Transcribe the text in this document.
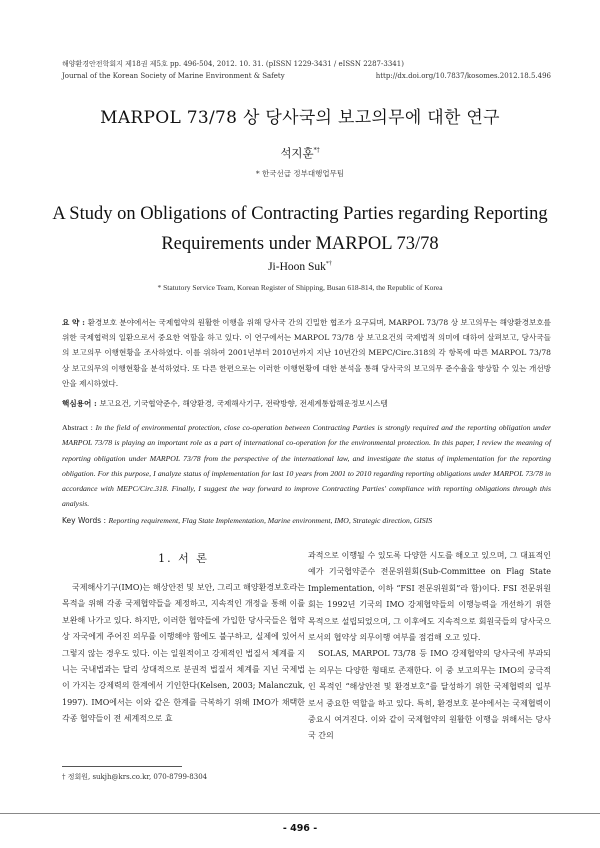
해양환경안전학회지 제18권 제5호 pp. 496-504, 2012. 10. 31. (pISSN 1229-3431 / eISSN 2287-3341)
Journal of the Korean Society of Marine Environment & Safety	http://dx.doi.org/10.7837/kosomes.2012.18.5.496
MARPOL 73/78 상 당사국의 보고의무에 대한 연구
석지훈*†
* 한국선급 정부대행업무팀
A Study on Obligations of Contracting Parties regarding Reporting
Requirements under MARPOL 73/78
Ji-Hoon Suk*†
* Statutory Service Team, Korean Register of Shipping, Busan 618-814, the Republic of Korea
요 약 : 환경보호 분야에서는 국제협약의 원활한 이행을 위해 당사국 간의 긴밀한 협조가 요구되며, MARPOL 73/78 상 보고의무는 해양환경보호를 위한 국제협력의 일환으로서 중요한 역할을 하고 있다. 이 연구에서는 MARPOL 73/78 상 보고요건의 국제법적 의미에 대하여 살펴보고, 당사국들의 보고의무 이행현황을 조사하였다. 이를 위하여 2001년부터 2010년까지 지난 10년간의 MEPC/Circ.318의 각 항목에 따른 MARPOL 73/78 상 보고의무의 이행현황을 분석하였다. 또 다른 한편으로는 이러한 이행현황에 대한 분석을 통해 당사국의 보고의무 준수율을 향상할 수 있는 개선방안을 제시하였다.
핵심용어 : 보고요건, 기국협약준수, 해양환경, 국제해사기구, 전략방향, 전세계통합해운정보시스템
Abstract : In the field of environmental protection, close co-operation between Contracting Parties is strongly required and the reporting obligation under MARPOL 73/78 is playing an important role as a part of international co-operation for the environmental protection. In this paper, I review the meaning of reporting obligation under MARPOL 73/78 from the perspective of the international law, and investigate the status of implementation for the reporting obligation. For this purpose, I analyze status of implementation for last 10 years from 2001 to 2010 regarding reporting obligations under MARPOL 73/78 in accordance with MEPC/Circ.318. Finally, I suggest the way forward to improve Contracting Parties' compliance with reporting obligations through this analysis.
Key Words : Reporting requirement, Flag State Implementation, Marine environment, IMO, Strategic direction, GISIS
1. 서 론
국제해사기구(IMO)는 해상안전 및 보안, 그리고 해양환경보호라는 목적을 위해 각종 국제협약들을 제정하고, 지속적인 개정을 통해 이를 보완해 나가고 있다. 하지만, 이러한 협약들에 가입한 당사국들은 협약상 자국에게 주어진 의무를 이행해야 함에도 불구하고, 실제에 있어서 그렇지 않는 경우도 있다. 이는 일원적이고 강제적인 법질서 체계를 지니는 국내법과는 달리 상대적으로 분권적 법질서 체계를 지닌 국제법이 가지는 강제력의 한계에서 기인한다(Kelsen, 2003; Malanczuk, 1997). IMO에서는 이와 같은 한계를 극복하기 위해 IMO가 채택한 각종 협약들이 전 세계적으로 효
과적으로 이행될 수 있도록 다양한 시도를 해오고 있으며, 그 대표적인 예가 기국협약준수 전문위원회(Sub-Committee on Flag State Implementation, 이하 “FSI 전문위원회”라 함)이다. FSI 전문위원회는 1992년 기국의 IMO 강제협약들의 이행능력을 개선하기 위한 목적으로 설립되었으며, 그 이후에도 지속적으로 회원국들의 당사국으로서의 협약상 의무이행 여부를 점검해 오고 있다.
SOLAS, MARPOL 73/78 등 IMO 강제협약의 당사국에 부과되는 의무는 다양한 형태로 존재한다. 이 중 보고의무는 IMO의 궁극적인 목적인 “해상안전 및 환경보호”를 달성하기 위한 국제협력의 일부로서 중요한 역할을 하고 있다. 특히, 환경보호 분야에서는 국제협력이 중요시 여겨진다. 이와 같이 국제협약의 원활한 이행을 위해서는 당사국 간의
† 정회원, sukjh@krs.co.kr, 070-8799-8304
- 496 -
